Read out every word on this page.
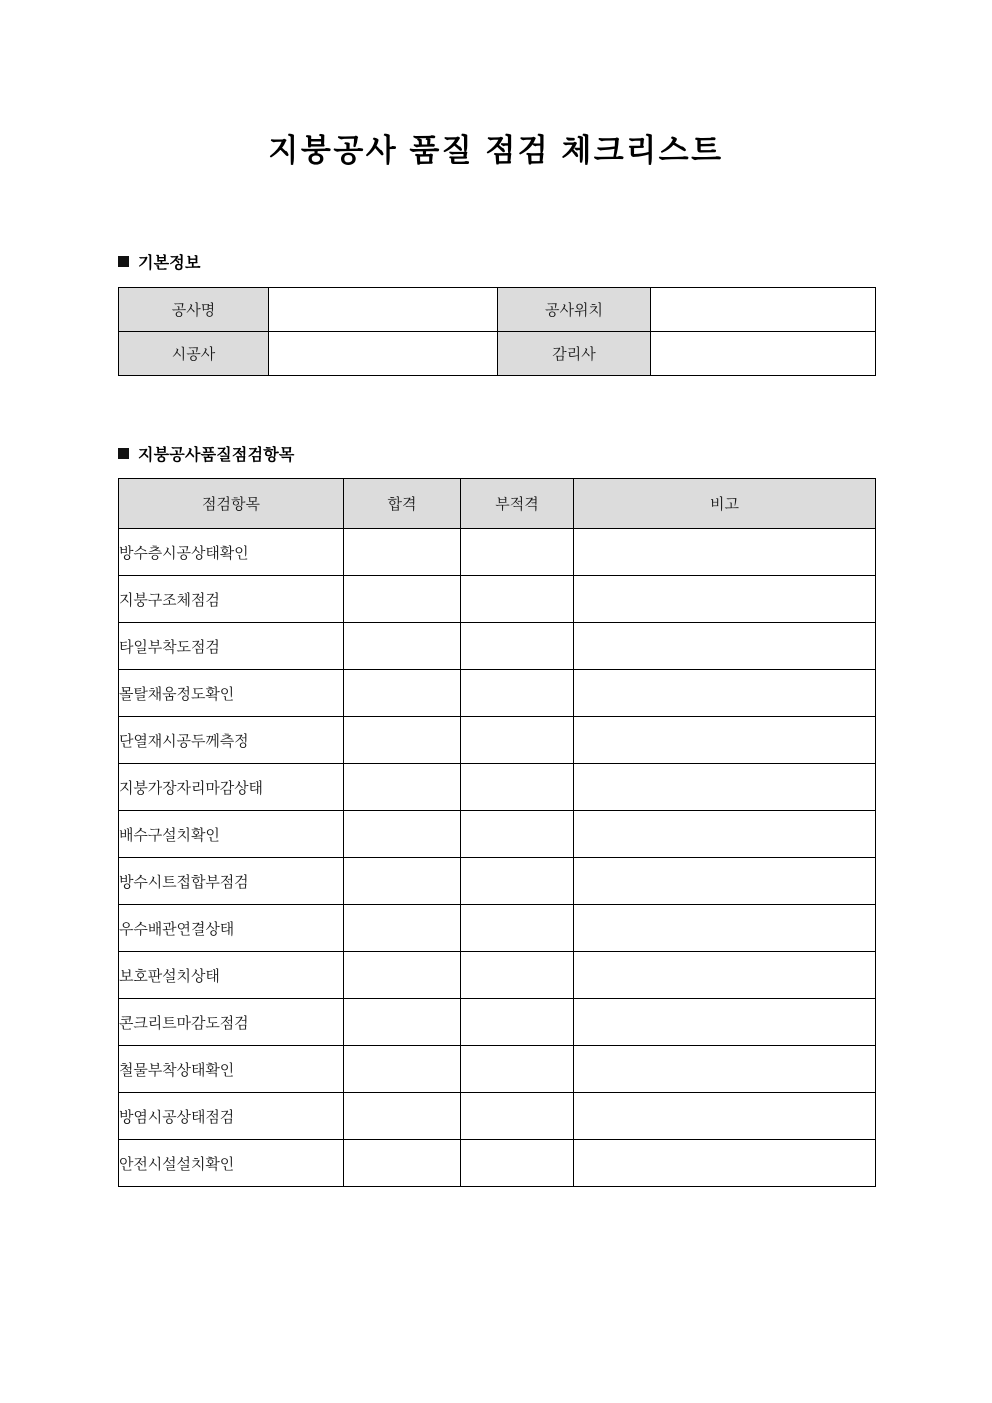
지붕공사 품질 점검 체크리스트
기본정보
공사명		공사위치	
시공사		감리사	
지붕공사품질점검항목
점검항목	합격	부적격	비고
방수층시공상태확인			
지붕구조체점검			
타일부착도점검			
몰탈채움정도확인			
단열재시공두께측정			
지붕가장자리마감상태			
배수구설치확인			
방수시트접합부점검			
우수배관연결상태			
보호판설치상태			
콘크리트마감도점검			
철물부착상태확인			
방염시공상태점검			
안전시설설치확인			
